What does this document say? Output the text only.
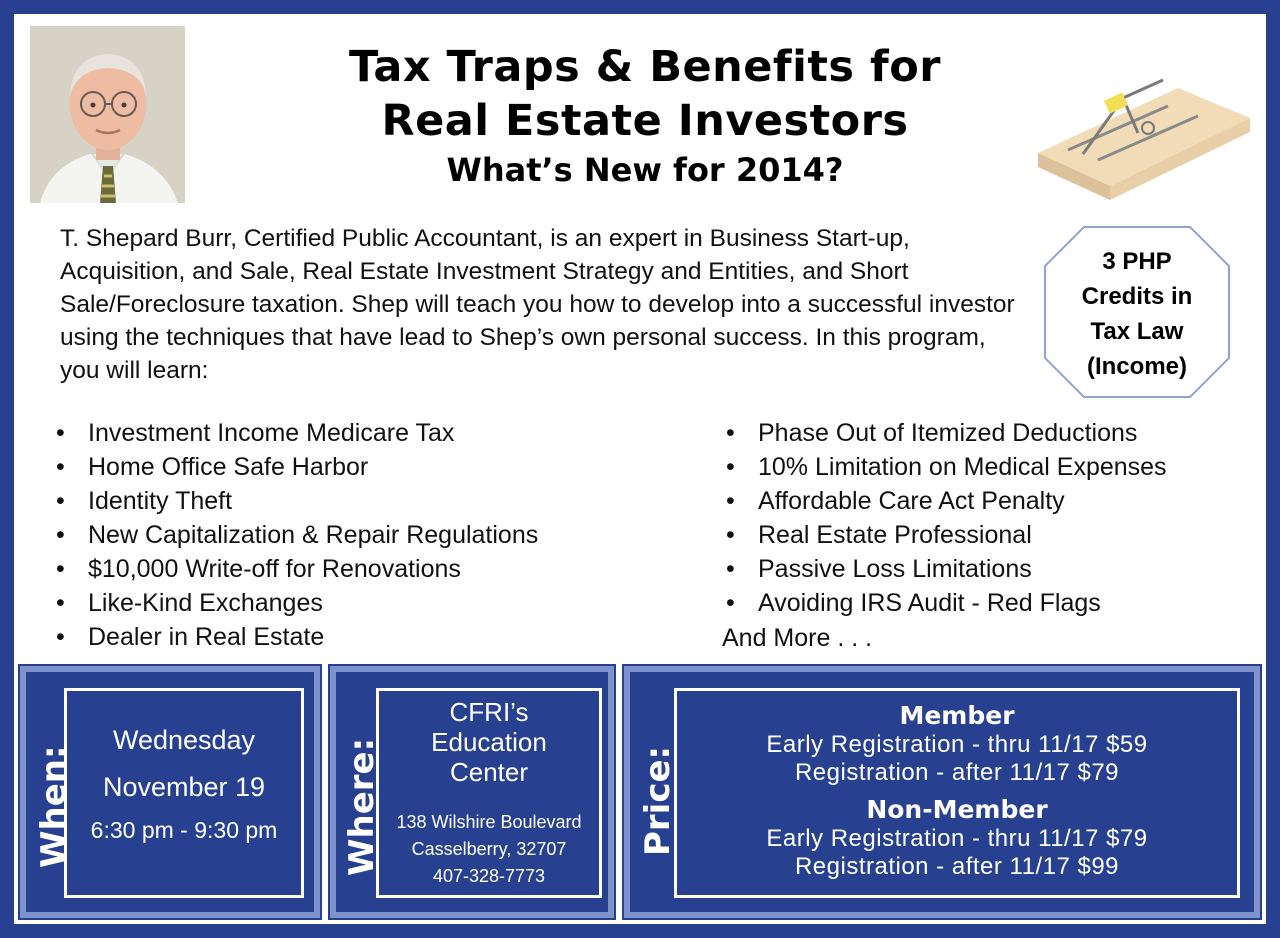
Tax Traps & Benefits for
Real Estate Investors
What’s New for 2014?
T. Shepard Burr, Certified Public Accountant, is an expert in Business Start-up, Acquisition, and Sale, Real Estate Investment Strategy and Entities, and Short Sale/Foreclosure taxation. Shep will teach you how to develop into a successful investor using the techniques that have lead to Shep’s own personal success. In this program, you will learn:
3 PHP
Credits in
Tax Law
(Income)
• Investment Income Medicare Tax
• Home Office Safe Harbor
• Identity Theft
• New Capitalization & Repair Regulations
• $10,000 Write-off for Renovations
• Like-Kind Exchanges
• Dealer in Real Estate
• Phase Out of Itemized Deductions
• 10% Limitation on Medical Expenses
• Affordable Care Act Penalty
• Real Estate Professional
• Passive Loss Limitations
• Avoiding IRS Audit - Red Flags
And More . . .
When:
Wednesday
November 19
6:30 pm - 9:30 pm	Where:
CFRI’s
Education
Center
138 Wilshire Boulevard
Casselberry, 32707
407-328-7773
Price:
Member
Early Registration - thru 11/17 $59
Registration - after 11/17 $79
Non-Member
Early Registration - thru 11/17 $79
Registration - after 11/17 $99
